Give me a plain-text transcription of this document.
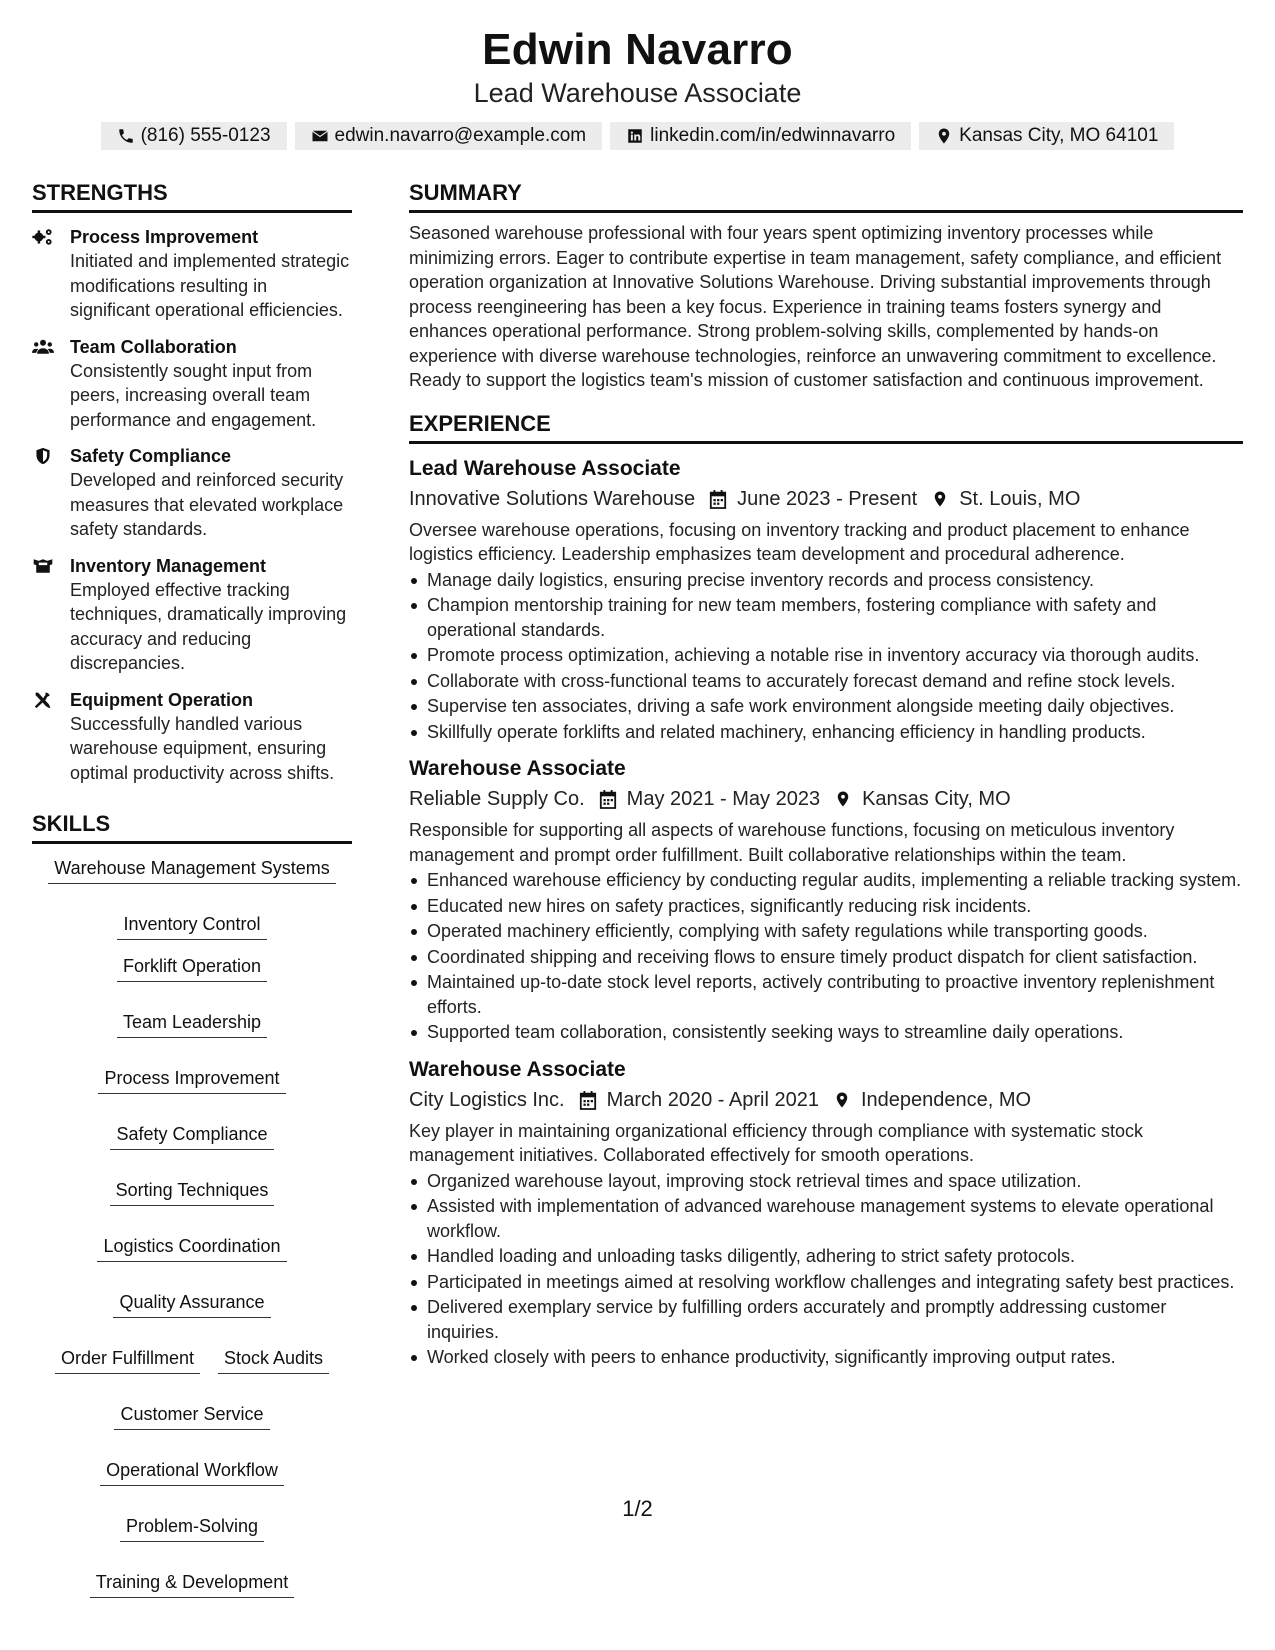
Edwin Navarro
Lead Warehouse Associate
(816) 555-0123	edwin.navarro@example.com	linkedin.com/in/edwinnavarro	Kansas City, MO 64101
STRENGTHS
Process Improvement
Initiated and implemented strategic modifications resulting in significant operational efficiencies.
Team Collaboration
Consistently sought input from peers, increasing overall team performance and engagement.
Safety Compliance
Developed and reinforced security measures that elevated workplace safety standards.
Inventory Management
Employed effective tracking techniques, dramatically improving accuracy and reducing discrepancies.
Equipment Operation
Successfully handled various warehouse equipment, ensuring optimal productivity across shifts.
SKILLS
Warehouse Management Systems
Inventory Control
Forklift Operation
Team Leadership
Process Improvement
Safety Compliance
Sorting Techniques
Logistics Coordination
Quality Assurance
Order Fulfillment	Stock Audits
Customer Service
Operational Workflow
Problem-Solving
Training & Development
SUMMARY
Seasoned warehouse professional with four years spent optimizing inventory processes while minimizing errors. Eager to contribute expertise in team management, safety compliance, and efficient operation organization at Innovative Solutions Warehouse. Driving substantial improvements through process reengineering has been a key focus. Experience in training teams fosters synergy and enhances operational performance. Strong problem-solving skills, complemented by hands-on experience with diverse warehouse technologies, reinforce an unwavering commitment to excellence. Ready to support the logistics team's mission of customer satisfaction and continuous improvement.
EXPERIENCE
Lead Warehouse Associate
Innovative Solutions Warehouse June 2023 - Present St. Louis, MO
Oversee warehouse operations, focusing on inventory tracking and product placement to enhance logistics efficiency. Leadership emphasizes team development and procedural adherence.
Manage daily logistics, ensuring precise inventory records and process consistency.
Champion mentorship training for new team members, fostering compliance with safety and operational standards.
Promote process optimization, achieving a notable rise in inventory accuracy via thorough audits.
Collaborate with cross-functional teams to accurately forecast demand and refine stock levels.
Supervise ten associates, driving a safe work environment alongside meeting daily objectives.
Skillfully operate forklifts and related machinery, enhancing efficiency in handling products.
Warehouse Associate
Reliable Supply Co. May 2021 - May 2023 Kansas City, MO
Responsible for supporting all aspects of warehouse functions, focusing on meticulous inventory management and prompt order fulfillment. Built collaborative relationships within the team.
Enhanced warehouse efficiency by conducting regular audits, implementing a reliable tracking system.
Educated new hires on safety practices, significantly reducing risk incidents.
Operated machinery efficiently, complying with safety regulations while transporting goods.
Coordinated shipping and receiving flows to ensure timely product dispatch for client satisfaction.
Maintained up-to-date stock level reports, actively contributing to proactive inventory replenishment efforts.
Supported team collaboration, consistently seeking ways to streamline daily operations.
Warehouse Associate
City Logistics Inc. March 2020 - April 2021 Independence, MO
Key player in maintaining organizational efficiency through compliance with systematic stock management initiatives. Collaborated effectively for smooth operations.
Organized warehouse layout, improving stock retrieval times and space utilization.
Assisted with implementation of advanced warehouse management systems to elevate operational workflow.
Handled loading and unloading tasks diligently, adhering to strict safety protocols.
Participated in meetings aimed at resolving workflow challenges and integrating safety best practices.
Delivered exemplary service by fulfilling orders accurately and promptly addressing customer inquiries.
Worked closely with peers to enhance productivity, significantly improving output rates.
1/2
